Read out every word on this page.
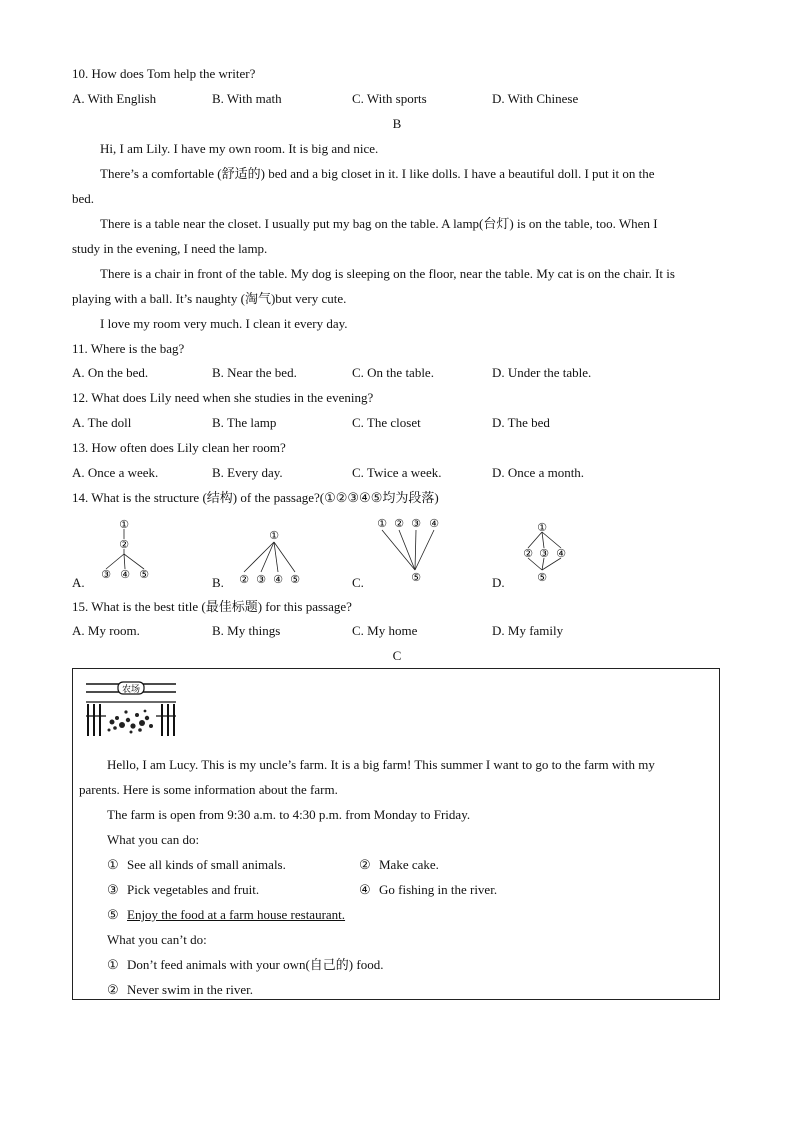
10. How does Tom help the writer?
A. With English	B. With math	C. With sports	D. With Chinese
B
Hi, I am Lily. I have my own room. It is big and nice.
There’s a comfortable (舒适的) bed and a big closet in it. I like dolls. I have a beautiful doll. I put it on the
bed.
There is a table near the closet. I usually put my bag on the table. A lamp(台灯) is on the table, too. When I
study in the evening, I need the lamp.
There is a chair in front of the table. My dog is sleeping on the floor, near the table. My cat is on the chair. It is
playing with a ball. It’s naughty (淘气)but very cute.
I love my room very much. I clean it every day.
11. Where is the bag?
A. On the bed.	B. Near the bed.	C. On the table.	D. Under the table.
12. What does Lily need when she studies in the evening?
A. The doll	B. The lamp	C. The closet	D. The bed
13. How often does Lily clean her room?
A. Once a week.	B. Every day.	C. Twice a week.	D. Once a month.
14. What is the structure (结构) of the passage?(①②③④⑤均为段落)
A.	B.	C.	D.
①
②
③ ④ ⑤
①
② ③ ④ ⑤
① ② ③ ④
⑤
①
② ③ ④
⑤
15. What is the best title (最佳标题) for this passage?
A. My room.	B. My things	C. My home	D. My family
C
农场
Hello, I am Lucy. This is my uncle’s farm. It is a big farm! This summer I want to go to the farm with my
parents. Here is some information about the farm.
The farm is open from 9:30 a.m. to 4:30 p.m. from Monday to Friday.
What you can do:
① See all kinds of small animals.	② Make cake.
③ Pick vegetables and fruit.	④ Go fishing in the river.
⑤ Enjoy the food at a farm house restaurant.
What you can’t do:
① Don’t feed animals with your own(自己的) food.
② Never swim in the river.
